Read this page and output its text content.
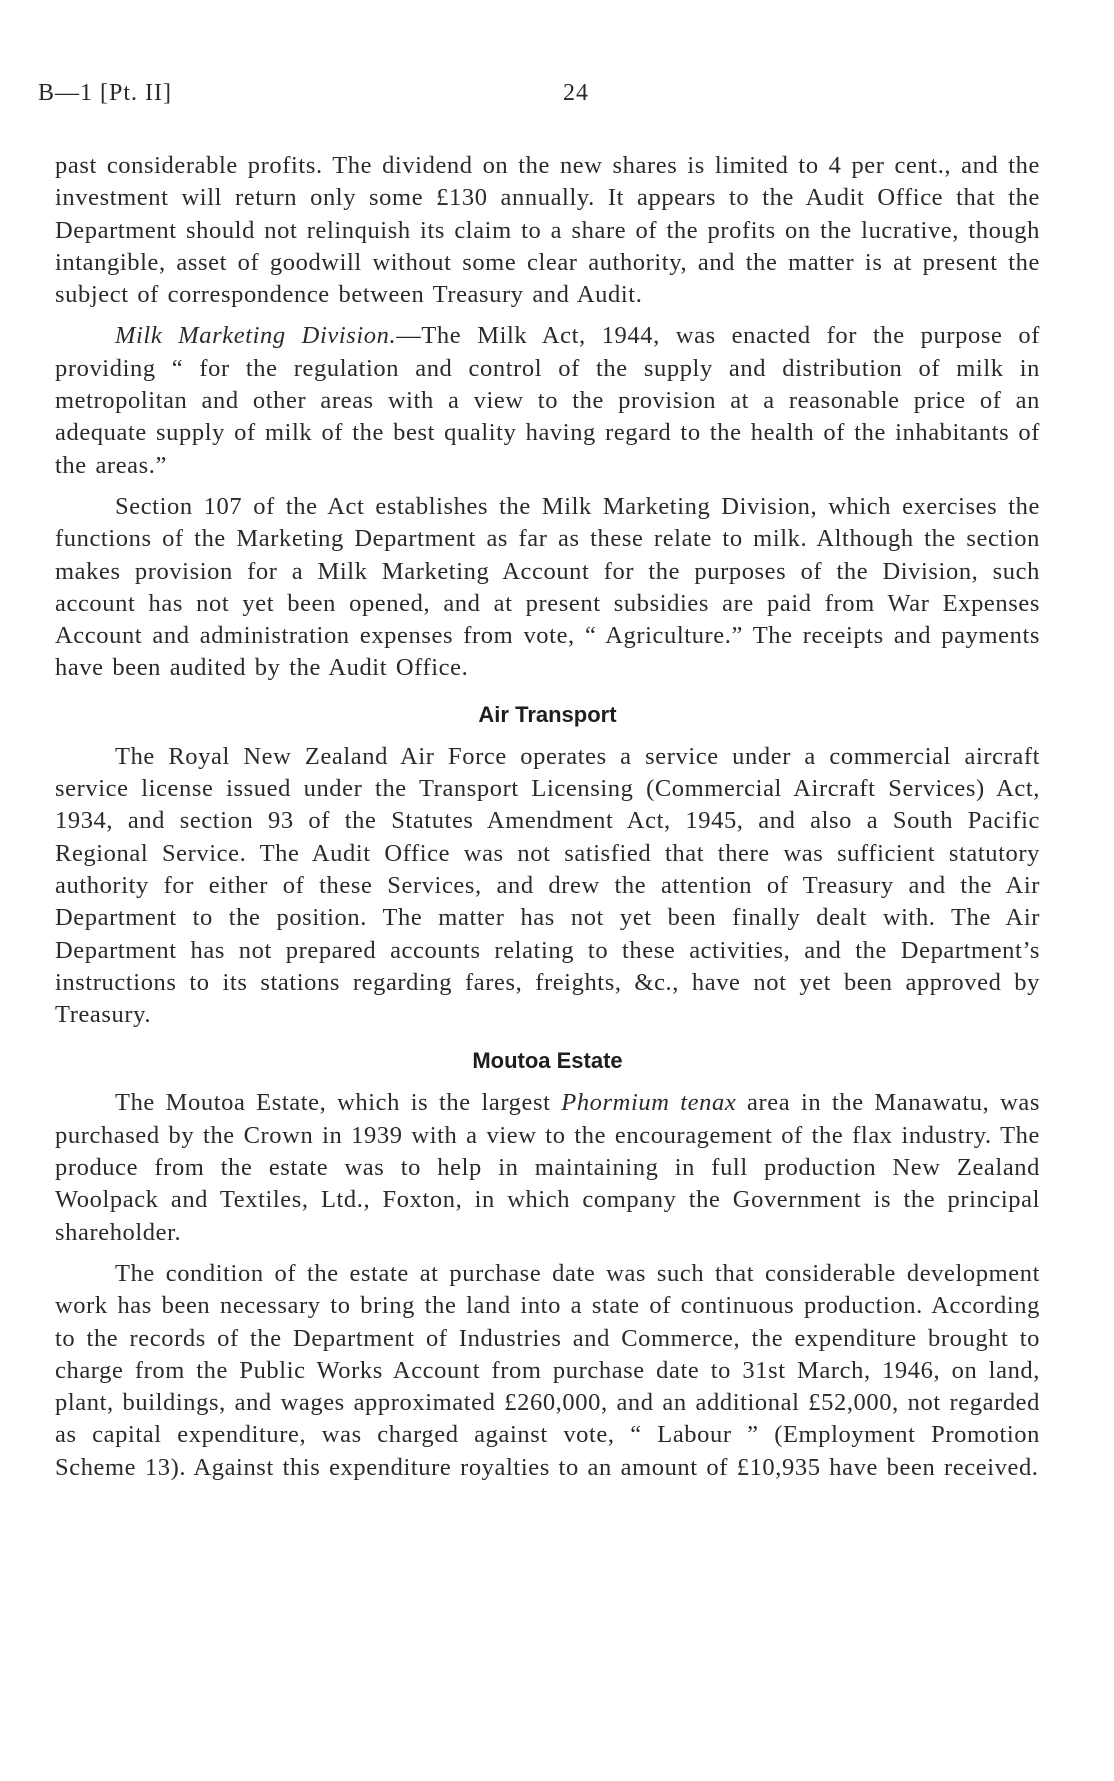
B—1 [Pt. II]	24

past considerable profits. The dividend on the new shares is limited to 4 per cent., and the investment will return only some £130 annually. It appears to the Audit Office that the Department should not relinquish its claim to a share of the profits on the lucrative, though intangible, asset of goodwill without some clear authority, and the matter is at present the subject of correspondence between Treasury and Audit.

Milk Marketing Division.—The Milk Act, 1944, was enacted for the purpose of providing “ for the regulation and control of the supply and distribution of milk in metropolitan and other areas with a view to the provision at a reasonable price of an adequate supply of milk of the best quality having regard to the health of the inhabitants of the areas.”

Section 107 of the Act establishes the Milk Marketing Division, which exercises the functions of the Marketing Department as far as these relate to milk. Although the section makes provision for a Milk Marketing Account for the purposes of the Division, such account has not yet been opened, and at present subsidies are paid from War Expenses Account and administration expenses from vote, “ Agriculture.” The receipts and payments have been audited by the Audit Office.

Air Transport

The Royal New Zealand Air Force operates a service under a commercial aircraft service license issued under the Transport Licensing (Commercial Aircraft Services) Act, 1934, and section 93 of the Statutes Amendment Act, 1945, and also a South Pacific Regional Service. The Audit Office was not satisfied that there was sufficient statutory authority for either of these Services, and drew the attention of Treasury and the Air Department to the position. The matter has not yet been finally dealt with. The Air Department has not prepared accounts relating to these activities, and the Department’s instructions to its stations regarding fares, freights, &c., have not yet been approved by Treasury.

Moutoa Estate

The Moutoa Estate, which is the largest Phormium tenax area in the Manawatu, was purchased by the Crown in 1939 with a view to the encouragement of the flax industry. The produce from the estate was to help in maintaining in full production New Zealand Woolpack and Textiles, Ltd., Foxton, in which company the Government is the principal shareholder.

The condition of the estate at purchase date was such that considerable development work has been necessary to bring the land into a state of continuous production. According to the records of the Department of Industries and Commerce, the expenditure brought to charge from the Public Works Account from purchase date to 31st March, 1946, on land, plant, buildings, and wages approximated £260,000, and an additional £52,000, not regarded as capital expenditure, was charged against vote, “ Labour ” (Employment Promotion Scheme 13). Against this expenditure royalties to an amount of £10,935 have been received.
